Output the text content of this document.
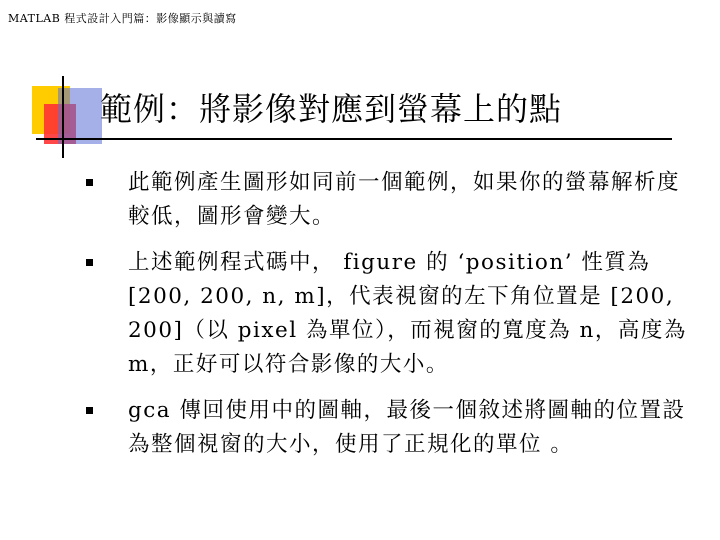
MATLAB 程式設計入門篇：影像顯示與讀寫
範例：將影像對應到螢幕上的點
此範例產生圖形如同前一個範例，如果你的螢幕解析度較低，圖形會變大。
上述範例程式碼中， figure 的 ‘position’ 性質為 [200, 200, n, m]，代表視窗的左下角位置是 [200, 200]（以 pixel 為單位），而視窗的寬度為 n，高度為 m，正好可以符合影像的大小。
gca 傳回使用中的圖軸，最後一個敘述將圖軸的位置設為整個視窗的大小，使用了正規化的單位 。
